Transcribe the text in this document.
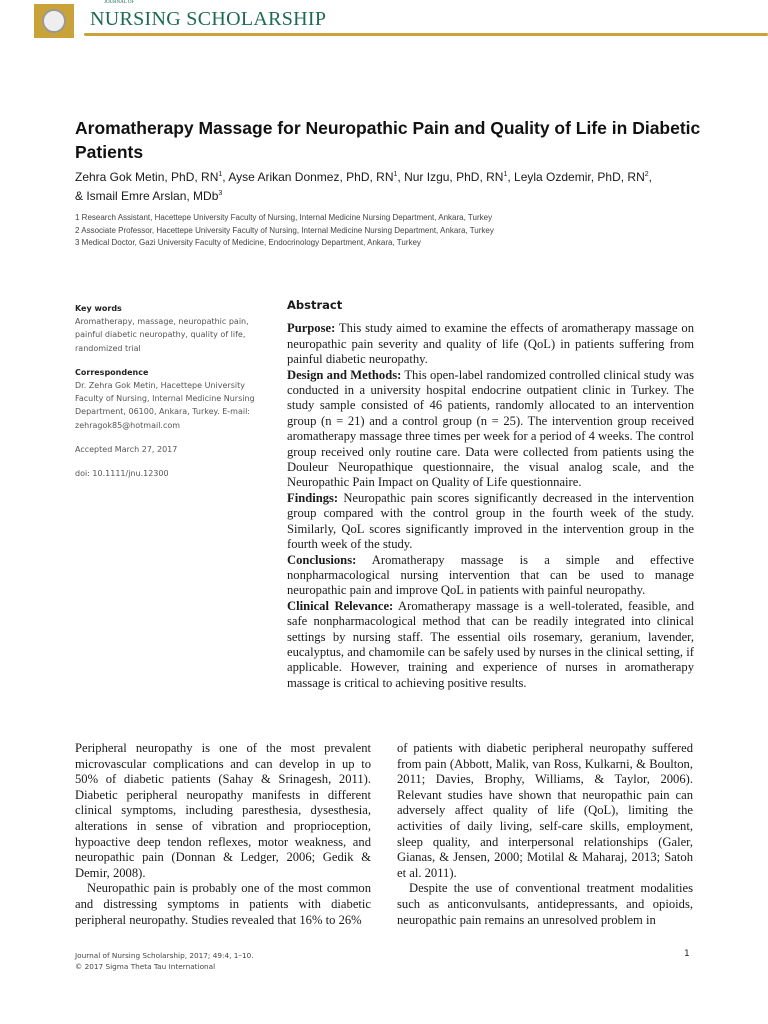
JOURNAL OF
NURSING SCHOLARSHIP
Aromatherapy Massage for Neuropathic Pain and Quality of Life in Diabetic Patients
Zehra Gok Metin, PhD, $RN^1$, Ayse Arikan Donmez, PhD, $RN^1$, Nur Izgu, PhD, $RN^1$, Leyla Ozdemir, PhD, $RN^2$,
& Ismail Emre Arslan, MDb$^3$
1 Research Assistant, Hacettepe University Faculty of Nursing, Internal Medicine Nursing Department, Ankara, Turkey
2 Associate Professor, Hacettepe University Faculty of Nursing, Internal Medicine Nursing Department, Ankara, Turkey
3 Medical Doctor, Gazi University Faculty of Medicine, Endocrinology Department, Ankara, Turkey
Key words
Aromatherapy, massage, neuropathic pain, painful diabetic neuropathy, quality of life, randomized trial
Correspondence
Dr. Zehra Gok Metin, Hacettepe University Faculty of Nursing, Internal Medicine Nursing Department, 06100, Ankara, Turkey. E-mail: zehragok85@hotmail.com
Accepted March 27, 2017
doi: 10.1111/jnu.12300
Abstract
Purpose: This study aimed to examine the effects of aromatherapy massage on neuropathic pain severity and quality of life (QoL) in patients suffering from painful diabetic neuropathy.
Design and Methods: This open-label randomized controlled clinical study was conducted in a university hospital endocrine outpatient clinic in Turkey. The study sample consisted of 46 patients, randomly allocated to an intervention group (n = 21) and a control group (n = 25). The intervention group received aromatherapy massage three times per week for a period of 4 weeks. The control group received only routine care. Data were collected from patients using the Douleur Neuropathique questionnaire, the visual analog scale, and the Neuropathic Pain Impact on Quality of Life questionnaire.
Findings: Neuropathic pain scores significantly decreased in the intervention group compared with the control group in the fourth week of the study. Similarly, QoL scores significantly improved in the intervention group in the fourth week of the study.
Conclusions: Aromatherapy massage is a simple and effective nonpharmacological nursing intervention that can be used to manage neuropathic pain and improve QoL in patients with painful neuropathy.
Clinical Relevance: Aromatherapy massage is a well-tolerated, feasible, and safe nonpharmacological method that can be readily integrated into clinical settings by nursing staff. The essential oils rosemary, geranium, lavender, eucalyptus, and chamomile can be safely used by nurses in the clinical setting, if applicable. However, training and experience of nurses in aromatherapy massage is critical to achieving positive results.

Peripheral neuropathy is one of the most prevalent microvascular complications and can develop in up to 50% of diabetic patients (Sahay & Srinagesh, 2011). Diabetic peripheral neuropathy manifests in different clinical symptoms, including paresthesia, dysesthesia, alterations in sense of vibration and proprioception, hypoactive deep tendon reflexes, motor weakness, and neuropathic pain (Donnan & Ledger, 2006; Gedik & Demir, 2008).

Neuropathic pain is probably one of the most common and distressing symptoms in patients with diabetic peripheral neuropathy. Studies revealed that 16% to 26%

of patients with diabetic peripheral neuropathy suffered from pain (Abbott, Malik, van Ross, Kulkarni, & Boulton, 2011; Davies, Brophy, Williams, & Taylor, 2006). Relevant studies have shown that neuropathic pain can adversely affect quality of life (QoL), limiting the activities of daily living, self-care skills, employment, sleep quality, and interpersonal relationships (Galer, Gianas, & Jensen, 2000; Motilal & Maharaj, 2013; Satoh et al. 2011).

Despite the use of conventional treatment modalities such as anticonvulsants, antidepressants, and opioids, neuropathic pain remains an unresolved problem in

Journal of Nursing Scholarship, 2017; 49:4, 1–10.
© 2017 Sigma Theta Tau International
1
